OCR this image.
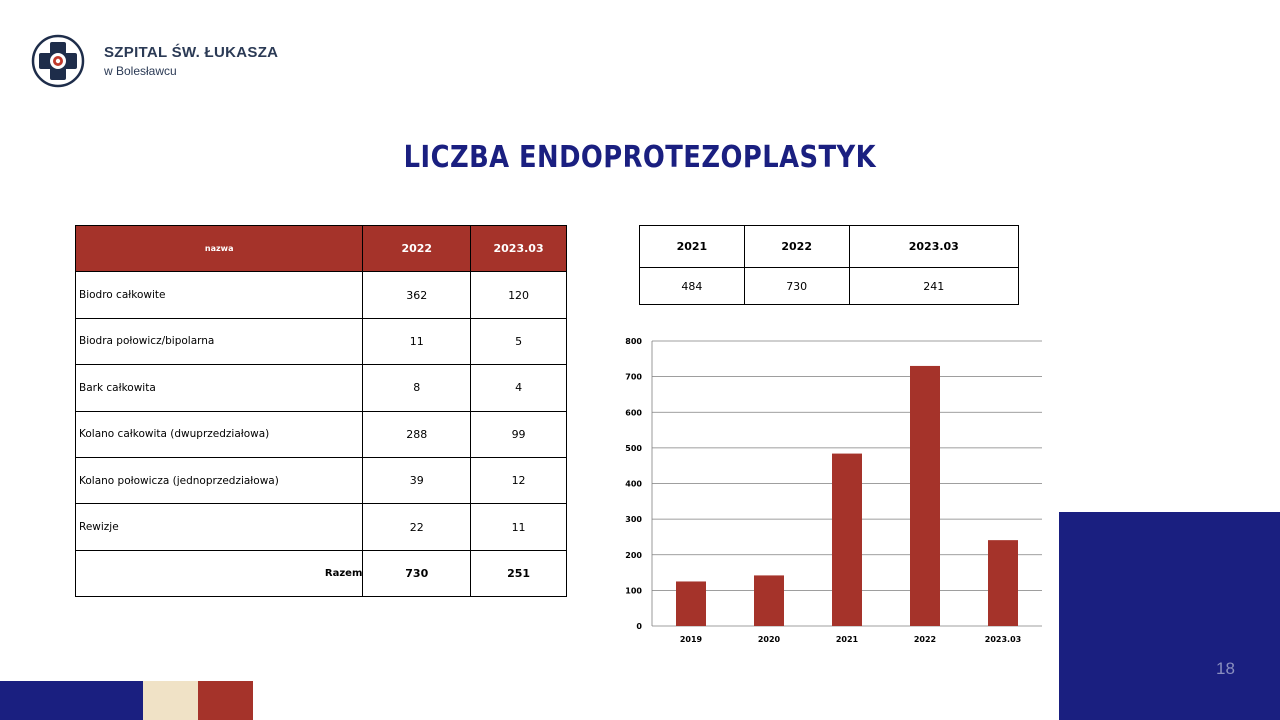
SZPITAL ŚW. ŁUKASZA
w Bolesławcu
LICZBA ENDOPROTEZOPLASTYK
nazwa	2022	2023.03
Biodro całkowite	362	120
Biodra połowicz/bipolarna	11	5
Bark całkowita	8	4
Kolano całkowita (dwuprzedziałowa)	288	99
Kolano połowicza (jednoprzedziałowa)	39	12
Rewizje	22	11
Razem	730	251
2021	2022	2023.03
484	730	241
0
100
200
300
400
500
600
700
800
2019	2020	2021	2022	2023.03
18
